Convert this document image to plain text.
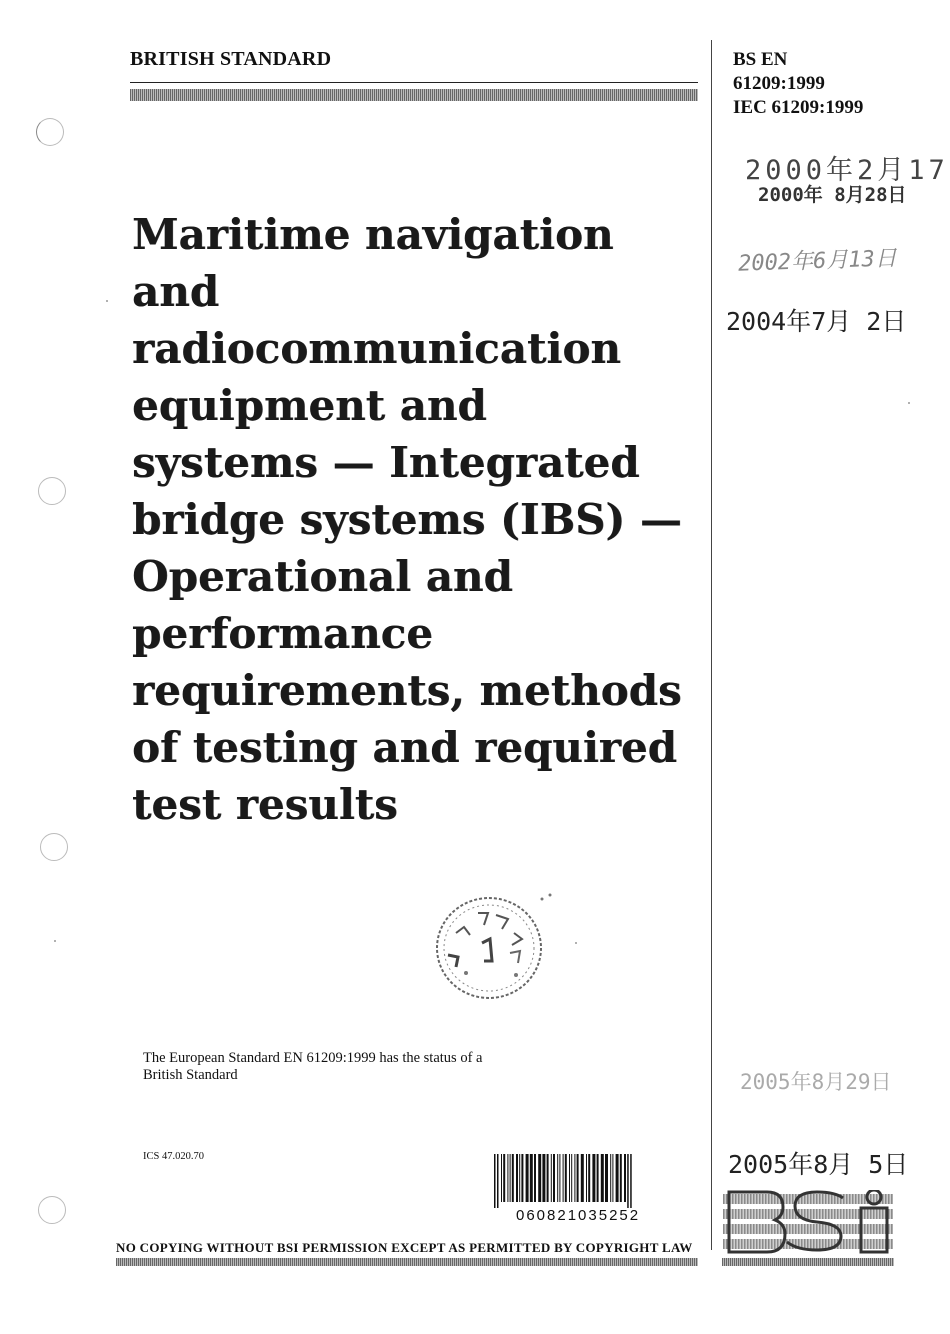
BRITISH STANDARD	BS EN
61209:1999
IEC 61209:1999
2000年2月17
2000年 8月28日
2002年6月13日
2004年7月 2日
2005年8月29日
2005年8月 5日
Maritime navigation and
radiocommunication
equipment and
systems — Integrated
bridge systems (IBS) —
Operational and
performance
requirements, methods
of testing and required
test results

The European Standard EN 61209:1999 has the status of a
British Standard

ICS 47.020.70
060821035252
NO COPYING WITHOUT BSI PERMISSION EXCEPT AS PERMITTED BY COPYRIGHT LAW
